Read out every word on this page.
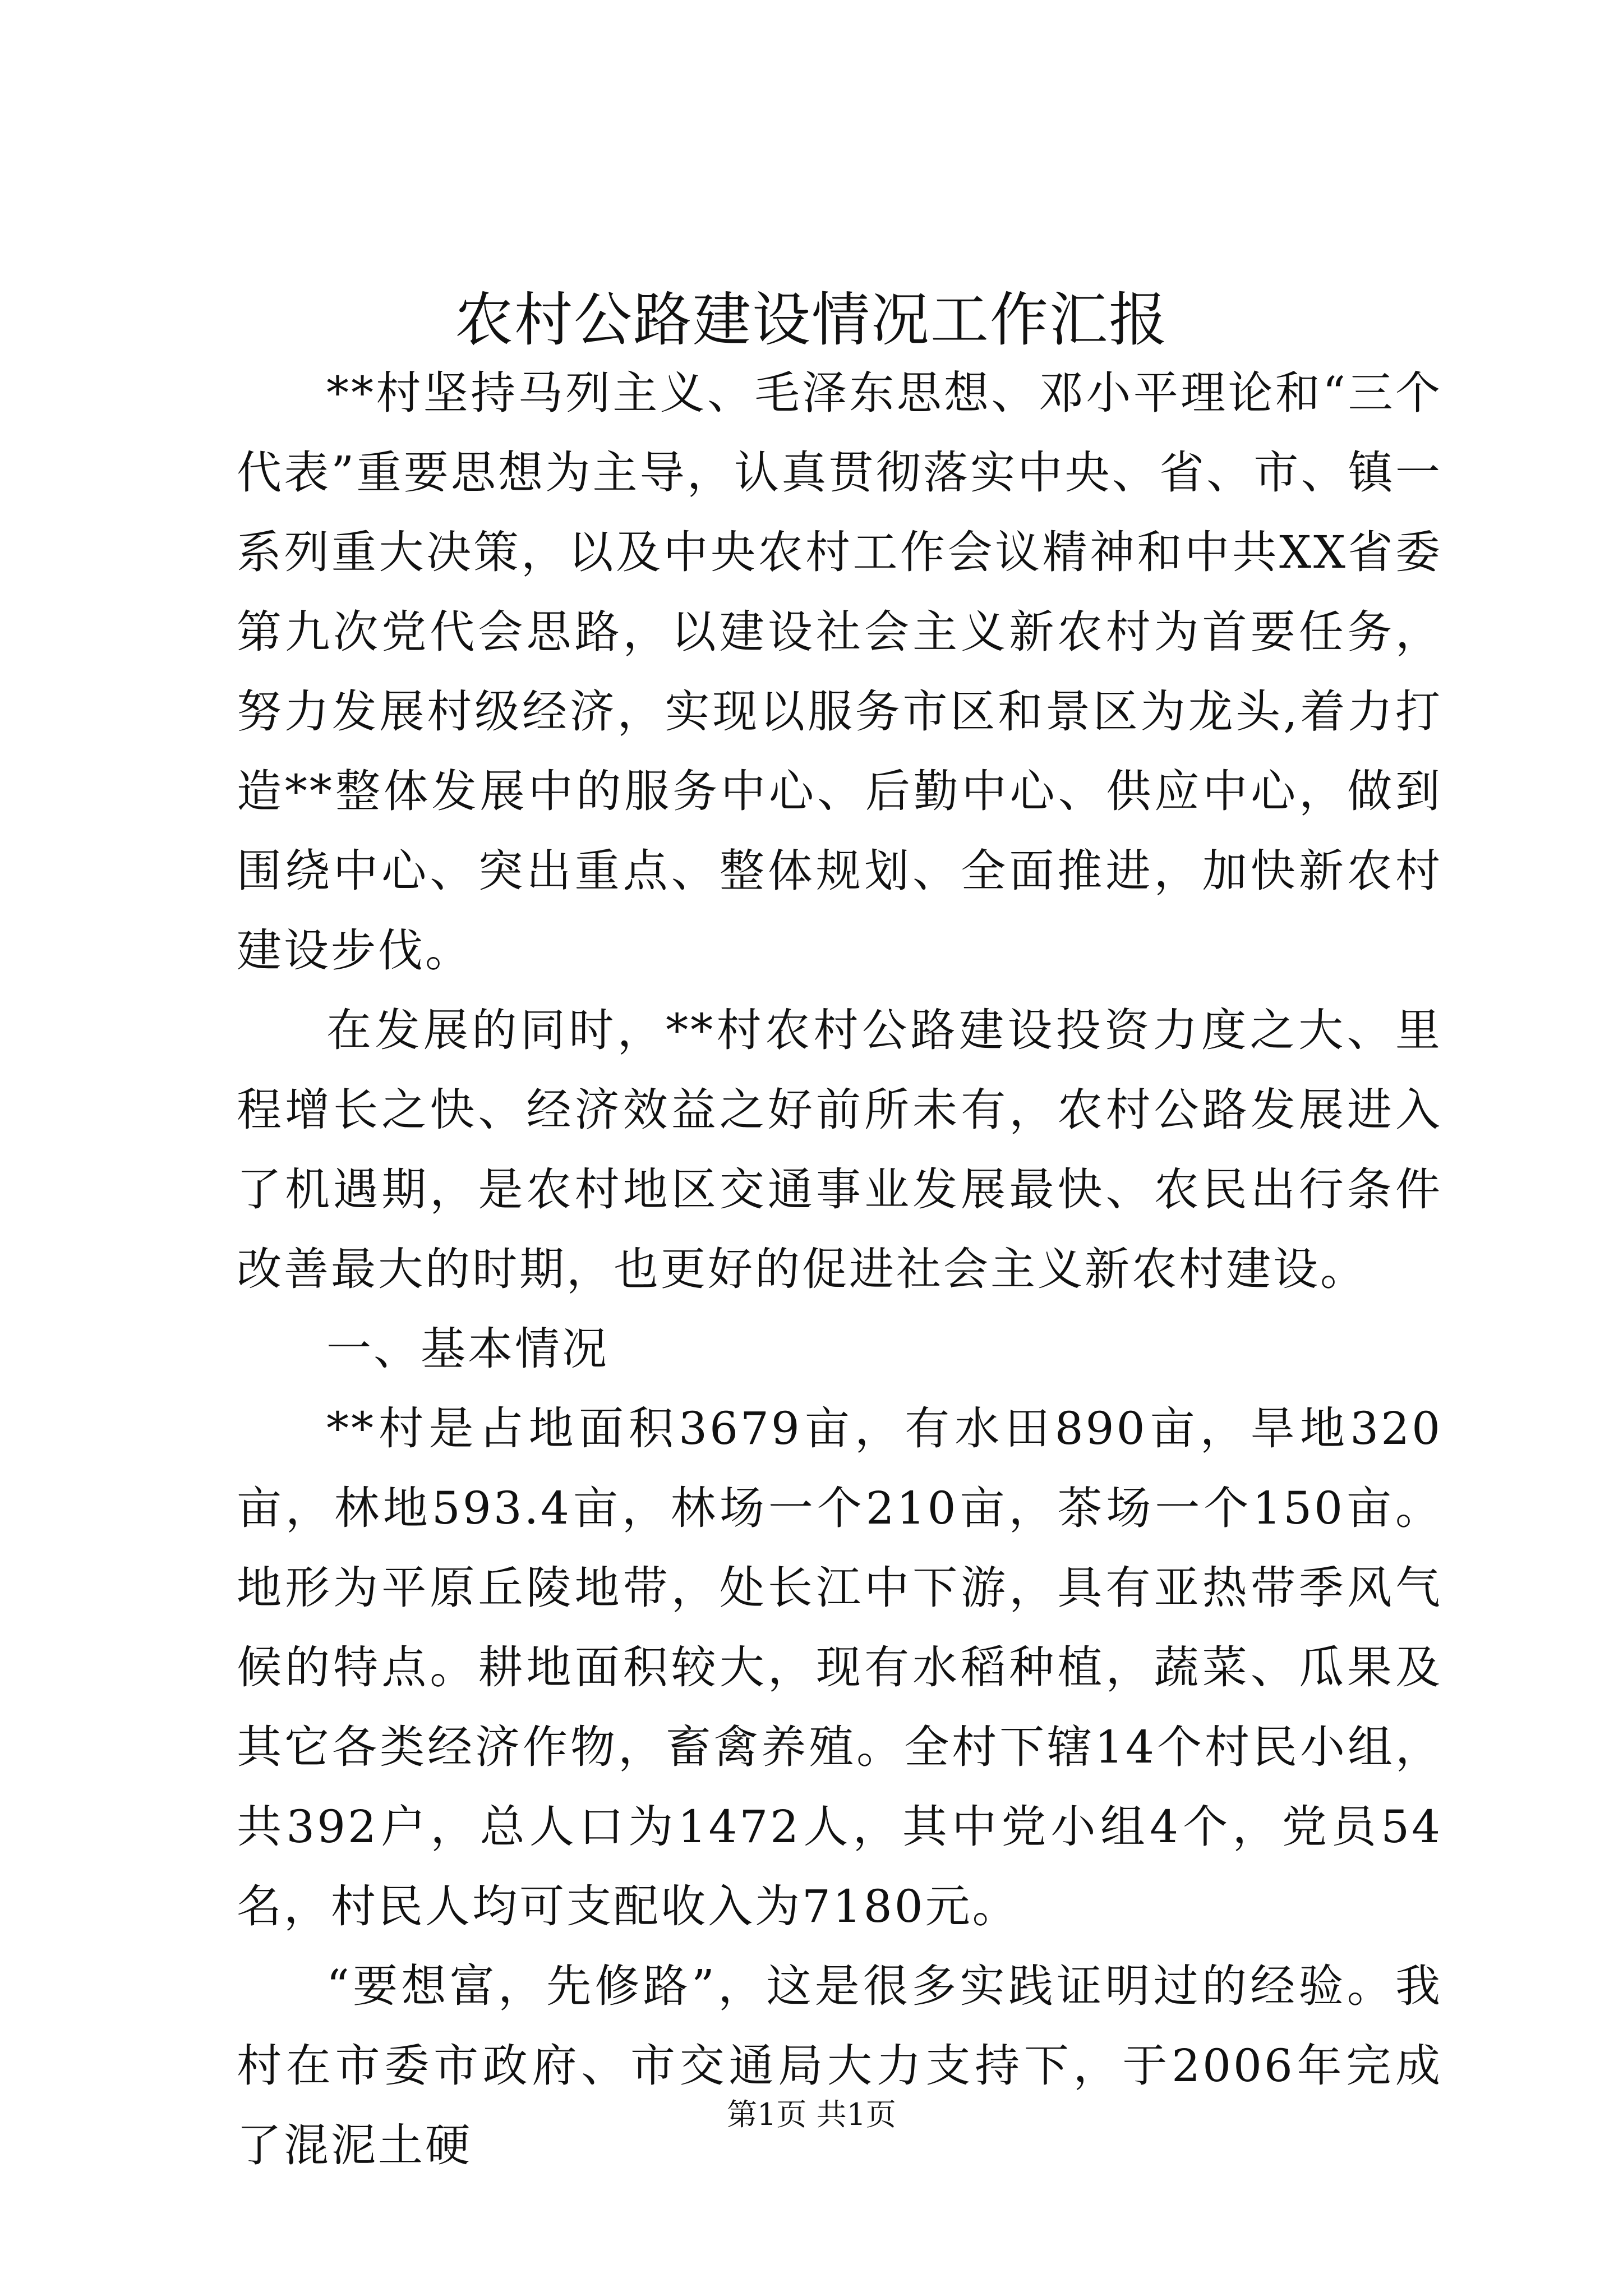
农村公路建设情况工作汇报

**村坚持马列主义、毛泽东思想、邓小平理论和“三个代表”重要思想为主导，认真贯彻落实中央、省、市、镇一系列重大决策，以及中央农村工作会议精神和中共XX省委第九次党代会思路，以建设社会主义新农村为首要任务，努力发展村级经济，实现以服务市区和景区为龙头,着力打造**整体发展中的服务中心、后勤中心、供应中心，做到围绕中心、突出重点、整体规划、全面推进，加快新农村建设步伐。

在发展的同时，**村农村公路建设投资力度之大、里程增长之快、经济效益之好前所未有，农村公路发展进入了机遇期，是农村地区交通事业发展最快、农民出行条件改善最大的时期，也更好的促进社会主义新农村建设。

一、基本情况

**村是占地面积3679亩，有水田890亩，旱地320亩，林地593.4亩，林场一个210亩，茶场一个150亩。地形为平原丘陵地带，处长江中下游，具有亚热带季风气候的特点。耕地面积较大，现有水稻种植，蔬菜、瓜果及其它各类经济作物，畜禽养殖。全村下辖14个村民小组，共392户，总人口为1472人，其中党小组4个，党员54名，村民人均可支配收入为7180元。

“要想富，先修路”，这是很多实践证明过的经验。我村在市委市政府、市交通局大力支持下，于2006年完成了混泥土硬

第1页 共1页
